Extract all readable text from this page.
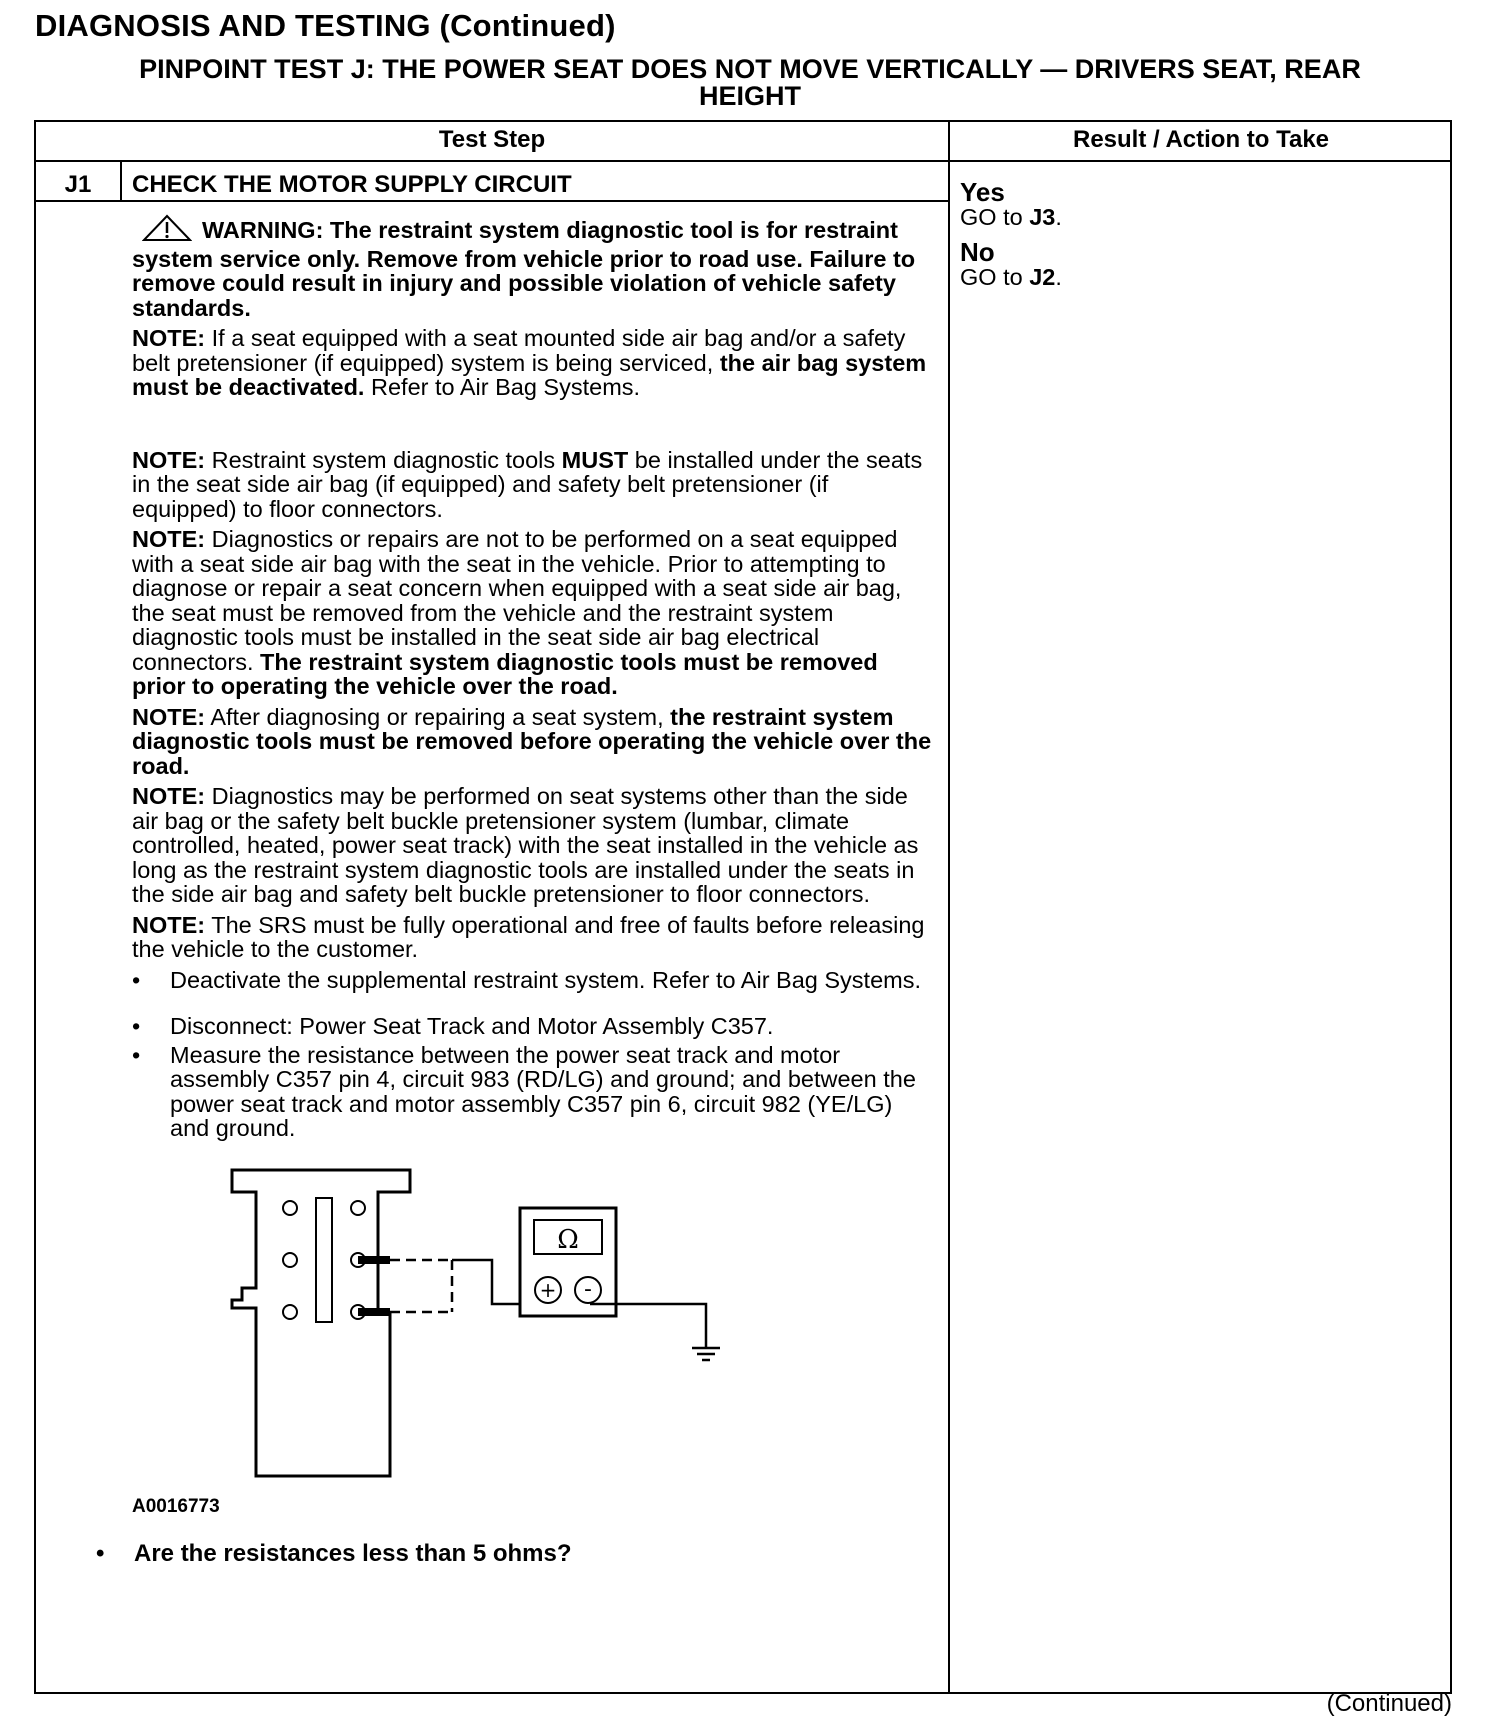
DIAGNOSIS AND TESTING (Continued)
PINPOINT TEST J: THE POWER SEAT DOES NOT MOVE VERTICALLY — DRIVERS SEAT, REAR
HEIGHT
Test Step	Result / Action to Take
J1	CHECK THE MOTOR SUPPLY CIRCUIT

WARNING: The restraint system diagnostic tool is for restraint system service only. Remove from vehicle prior to road use. Failure to remove could result in injury and possible violation of vehicle safety standards.

NOTE: If a seat equipped with a seat mounted side air bag and/or a safety belt pretensioner (if equipped) system is being serviced, the air bag system must be deactivated. Refer to Air Bag Systems.

NOTE: Restraint system diagnostic tools MUST be installed under the seats in the seat side air bag (if equipped) and safety belt pretensioner (if equipped) to floor connectors.

NOTE: Diagnostics or repairs are not to be performed on a seat equipped with a seat side air bag with the seat in the vehicle. Prior to attempting to diagnose or repair a seat concern when equipped with a seat side air bag, the seat must be removed from the vehicle and the restraint system diagnostic tools must be installed in the seat side air bag electrical connectors. The restraint system diagnostic tools must be removed prior to operating the vehicle over the road.

NOTE: After diagnosing or repairing a seat system, the restraint system diagnostic tools must be removed before operating the vehicle over the road.

NOTE: Diagnostics may be performed on seat systems other than the side air bag or the safety belt buckle pretensioner system (lumbar, climate controlled, heated, power seat track) with the seat installed in the vehicle as long as the restraint system diagnostic tools are installed under the seats in the side air bag and safety belt buckle pretensioner to floor connectors.

NOTE: The SRS must be fully operational and free of faults before releasing the vehicle to the customer.

• Deactivate the supplemental restraint system. Refer to Air Bag Systems.
• Disconnect: Power Seat Track and Motor Assembly C357.
• Measure the resistance between the power seat track and motor assembly C357 pin 4, circuit 983 (RD/LG) and ground; and between the power seat track and motor assembly C357 pin 6, circuit 982 (YE/LG) and ground.
Yes
GO to J3.
No
GO to J2.
Ω
+ -
A0016773
• Are the resistances less than 5 ohms?
(Continued)
